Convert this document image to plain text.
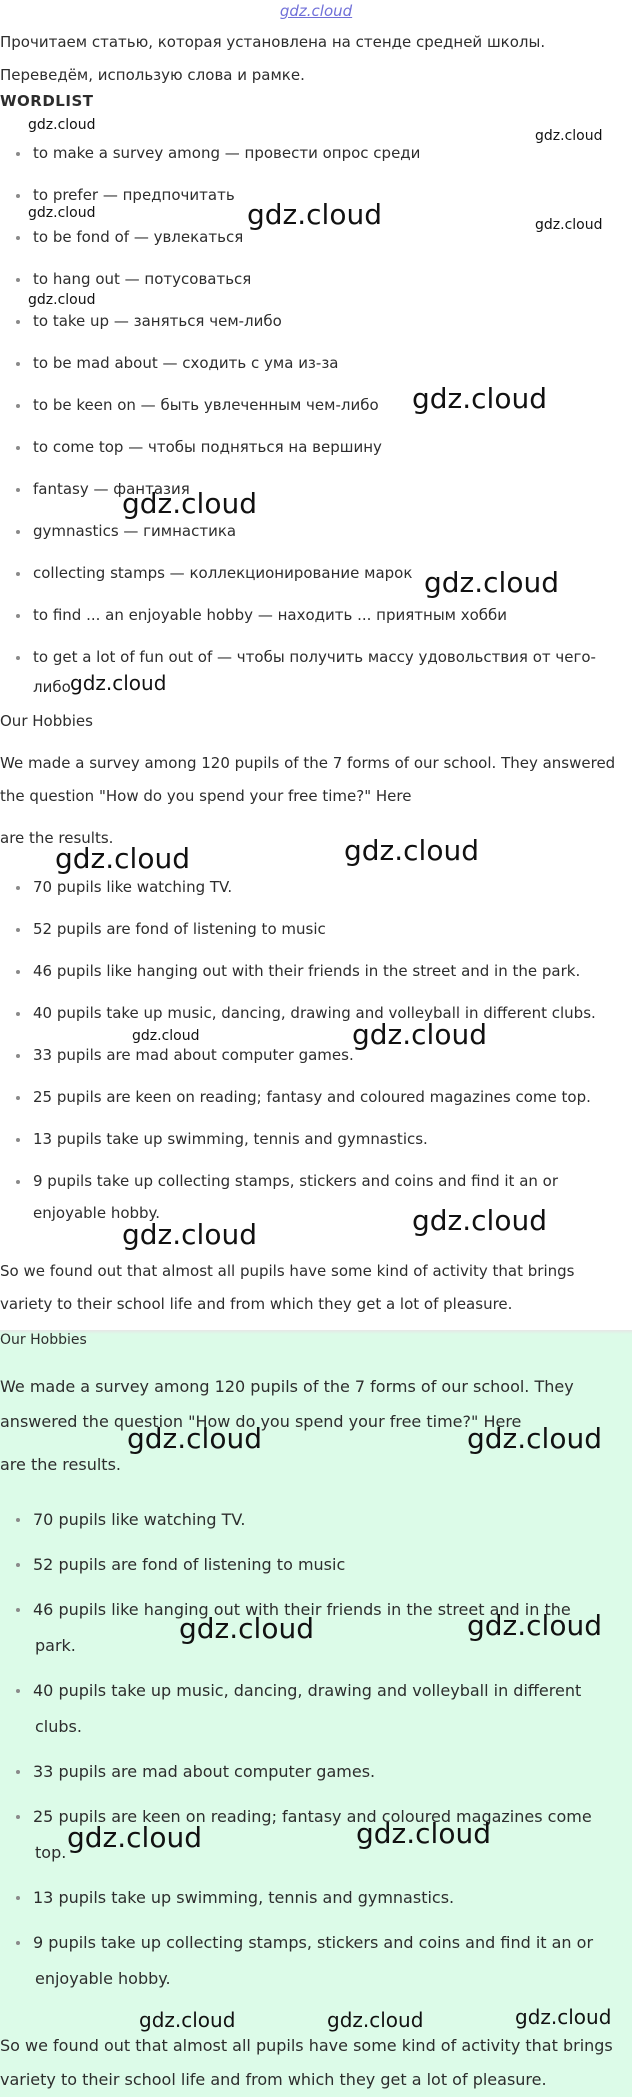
gdz.cloud
Прочитаем статью, которая установлена на стенде средней школы.
Переведём, использую слова и рамке.
WORDLIST
to make a survey among — провести опрос среди
to prefer — предпочитать
to be fond of — увлекаться
to hang out — потусоваться
to take up — заняться чем-либо
to be mad about — сходить с ума из-за
to be keen on — быть увлеченным чем-либо
to come top — чтобы подняться на вершину
fantasy — фантазия
gymnastics — гимнастика
collecting stamps — коллекционирование марок
to find ... an enjoyable hobby — находить ... приятным хобби
to get a lot of fun out of — чтобы получить массу удовольствия от чего-
либо
Our Hobbies
We made a survey among 120 pupils of the 7 forms of our school. They answered
the question "How do you spend your free time?" Here
are the results.
70 pupils like watching TV.
52 pupils are fond of listening to music
46 pupils like hanging out with their friends in the street and in the park.
40 pupils take up music, dancing, drawing and volleyball in different clubs.
33 pupils are mad about computer games.
25 pupils are keen on reading; fantasy and coloured magazines come top.
13 pupils take up swimming, tennis and gymnastics.
9 pupils take up collecting stamps, stickers and coins and find it an or
enjoyable hobby.
So we found out that almost all pupils have some kind of activity that brings
variety to their school life and from which they get a lot of pleasure.
Our Hobbies
We made a survey among 120 pupils of the 7 forms of our school. They
answered the question "How do you spend your free time?" Here
are the results.
70 pupils like watching TV.
52 pupils are fond of listening to music
46 pupils like hanging out with their friends in the street and in the
40 pupils take up music, dancing, drawing and volleyball in different
33 pupils are mad about computer games.
25 pupils are keen on reading; fantasy and coloured magazines come
13 pupils take up swimming, tennis and gymnastics.
9 pupils take up collecting stamps, stickers and coins and find it an or
park.
clubs.
top.
enjoyable hobby.
So we found out that almost all pupils have some kind of activity that brings
variety to their school life and from which they get a lot of pleasure.
gdz.cloud
gdz.cloud
gdz.cloud	gdz.cloud	gdz.cloud
gdz.cloud
gdz.cloud
gdz.cloud
gdz.cloud
gdz.cloud
gdz.cloud
gdz.cloud
gdz.cloud	gdz.cloud
gdz.cloud
gdz.cloud
gdz.cloud	gdz.cloud
gdz.cloud	gdz.cloud
gdz.cloud	gdz.cloud
gdz.cloud	gdz.cloud	gdz.cloud
